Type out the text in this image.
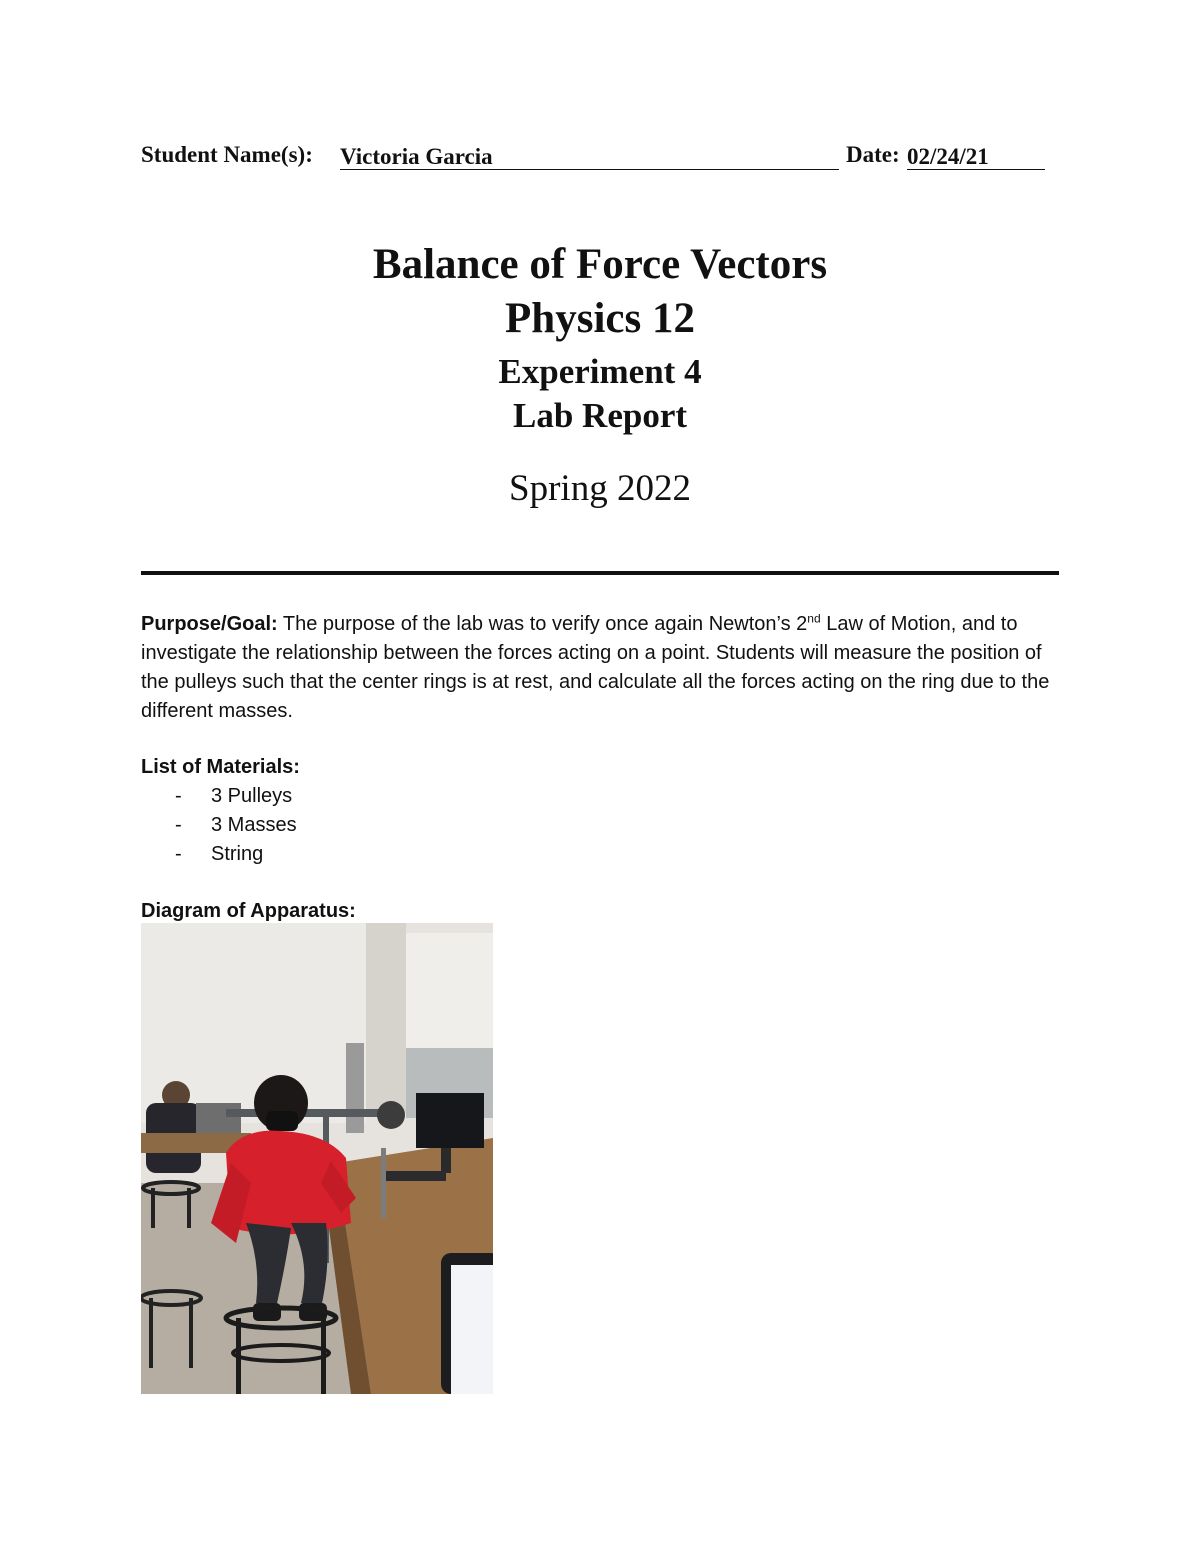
Student Name(s): Victoria Garcia	Date: 02/24/21
Balance of Force Vectors
Physics 12
Experiment 4
Lab Report
Spring 2022
Purpose/Goal: The purpose of the lab was to verify once again Newton’s 2nd Law of Motion, and to investigate the relationship between the forces acting on a point. Students will measure the position of the pulleys such that the center rings is at rest, and calculate all the forces acting on the ring due to the different masses.
List of Materials:
- 3 Pulleys
- 3 Masses
- String
Diagram of Apparatus:
